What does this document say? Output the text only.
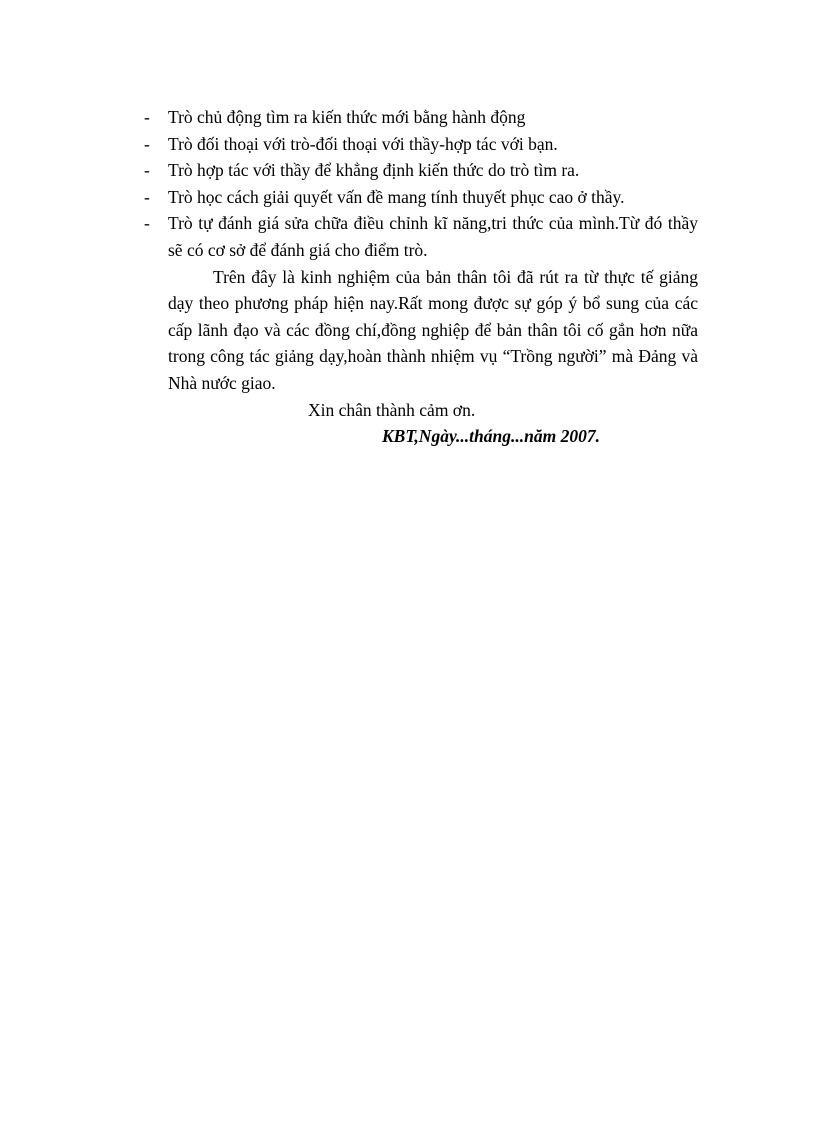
- Trò chủ động tìm ra kiến thức mới bằng hành động
- Trò đối thoại với trò-đối thoại với thầy-hợp tác với bạn.
- Trò hợp tác với thầy để khẳng định kiến thức do trò tìm ra.
- Trò học cách giải quyết vấn đề mang tính thuyết phục cao ở thầy.
- Trò tự đánh giá sửa chữa điều chỉnh kĩ năng,tri thức của mình.Từ đó thầy sẽ có cơ sở để đánh giá cho điểm trò.

Trên đây là kinh nghiệm của bản thân tôi đã rút ra từ thực tế giảng dạy theo phương pháp hiện nay.Rất mong được sự góp ý bổ sung của các cấp lãnh đạo và các đồng chí,đồng nghiệp để bản thân tôi cố gắn hơn nữa trong công tác giảng dạy,hoàn thành nhiệm vụ “Trồng người” mà Đảng và Nhà nước giao.

Xin chân thành cảm ơn.

KBT,Ngày...tháng...năm 2007.
